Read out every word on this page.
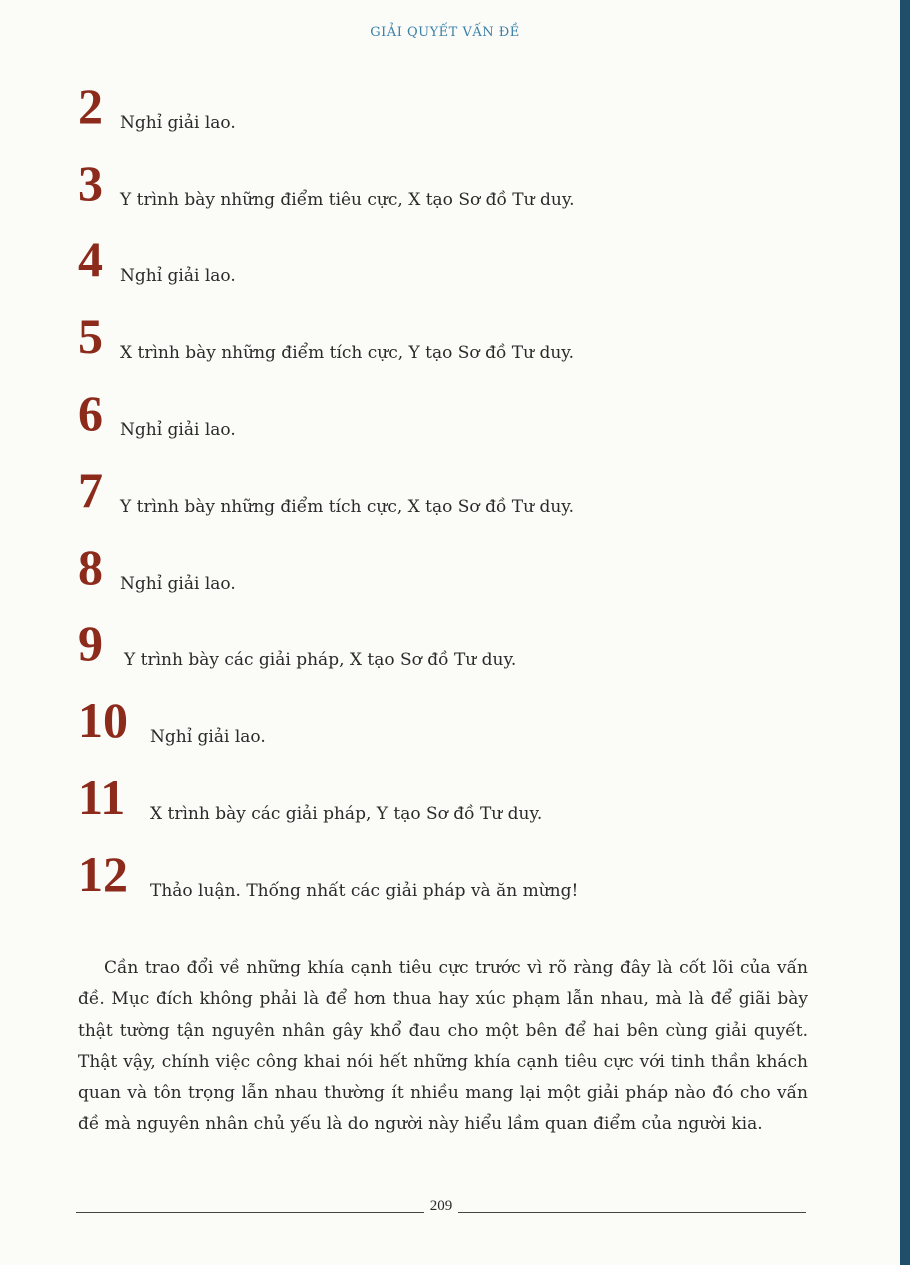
GIẢI QUYẾT VẤN ĐỀ
2 Nghỉ giải lao.
3 Y trình bày những điểm tiêu cực, X tạo Sơ đồ Tư duy.
4 Nghỉ giải lao.
5 X trình bày những điểm tích cực, Y tạo Sơ đồ Tư duy.
6 Nghỉ giải lao.
7 Y trình bày những điểm tích cực, X tạo Sơ đồ Tư duy.
8 Nghỉ giải lao.
9 Y trình bày các giải pháp, X tạo Sơ đồ Tư duy.
10 Nghỉ giải lao.
11 X trình bày các giải pháp, Y tạo Sơ đồ Tư duy.
12 Thảo luận. Thống nhất các giải pháp và ăn mừng!

Cần trao đổi về những khía cạnh tiêu cực trước vì rõ ràng đây là cốt lõi của vấn đề. Mục đích không phải là để hơn thua hay xúc phạm lẫn nhau, mà là để giãi bày thật tường tận nguyên nhân gây khổ đau cho một bên để hai bên cùng giải quyết. Thật vậy, chính việc công khai nói hết những khía cạnh tiêu cực với tinh thần khách quan và tôn trọng lẫn nhau thường ít nhiều mang lại một giải pháp nào đó cho vấn đề mà nguyên nhân chủ yếu là do người này hiểu lầm quan điểm của người kia.

209
